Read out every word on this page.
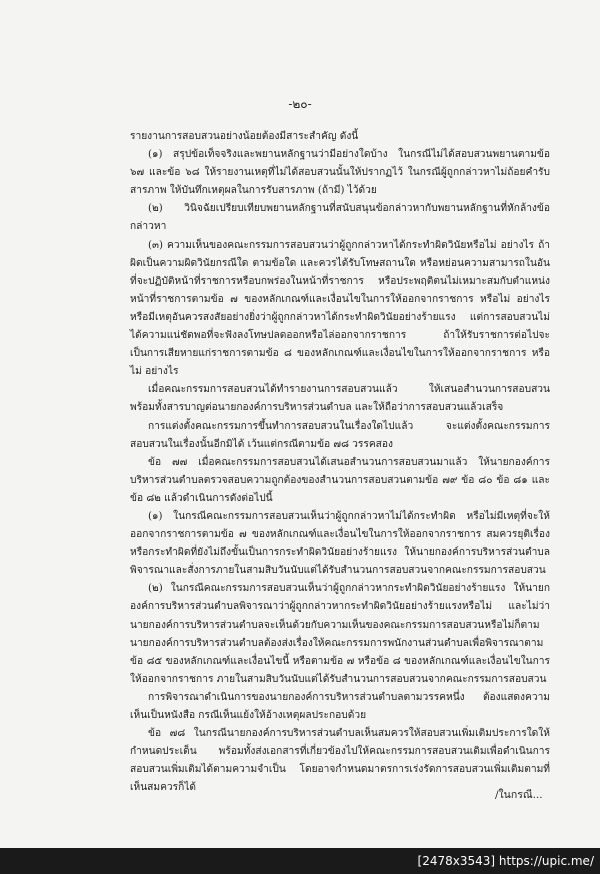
-๒๐-

รายงานการสอบสวนอย่างน้อยต้องมีสาระสำคัญ ดังนี้

(๑) สรุปข้อเท็จจริงและพยานหลักฐานว่ามีอย่างใดบ้าง ในกรณีไม่ได้สอบสวนพยานตามข้อ ๖๗ และข้อ ๖๘ ให้รายงานเหตุที่ไม่ได้สอบสวนนั้นให้ปรากฏไว้ ในกรณีผู้ถูกกล่าวหาไม่ถ้อยคำรับสารภาพ ให้บันทึกเหตุผลในการรับสารภาพ (ถ้ามี) ไว้ด้วย

(๒) วินิจฉัยเปรียบเทียบพยานหลักฐานที่สนับสนุนข้อกล่าวหากับพยานหลักฐานที่หักล้างข้อกล่าวหา

(๓) ความเห็นของคณะกรรมการสอบสวนว่าผู้ถูกกล่าวหาได้กระทำผิดวินัยหรือไม่ อย่างไร ถ้าผิดเป็นความผิดวินัยกรณีใด ตามข้อใด และควรได้รับโทษสถานใด หรือหย่อนความสามารถในอันที่จะปฏิบัติหน้าที่ราชการหรือบกพร่องในหน้าที่ราชการ หรือประพฤติตนไม่เหมาะสมกับตำแหน่งหน้าที่ราชการตามข้อ ๗ ของหลักเกณฑ์และเงื่อนไขในการให้ออกจากราชการ หรือไม่ อย่างไร หรือมีเหตุอันควรสงสัยอย่างยิ่งว่าผู้ถูกกล่าวหาได้กระทำผิดวินัยอย่างร้ายแรง แต่การสอบสวนไม่ได้ความแน่ชัดพอที่จะฟังลงโทษปลดออกหรือไล่ออกจากราชการ ถ้าให้รับราชการต่อไปจะเป็นการเสียหายแก่ราชการตามข้อ ๘ ของหลักเกณฑ์และเงื่อนไขในการให้ออกจากราชการ หรือไม่ อย่างไร

เมื่อคณะกรรมการสอบสวนได้ทำรายงานการสอบสวนแล้ว ให้เสนอสำนวนการสอบสวน พร้อมทั้งสารบาญต่อนายกองค์การบริหารส่วนตำบล และให้ถือว่าการสอบสวนแล้วเสร็จ

การแต่งตั้งคณะกรรมการขึ้นทำการสอบสวนในเรื่องใดไปแล้ว จะแต่งตั้งคณะกรรมการสอบสวนในเรื่องนั้นอีกมิได้ เว้นแต่กรณีตามข้อ ๗๘ วรรคสอง

ข้อ ๗๗ เมื่อคณะกรรมการสอบสวนได้เสนอสำนวนการสอบสวนมาแล้ว ให้นายกองค์การบริหารส่วนตำบลตรวจสอบความถูกต้องของสำนวนการสอบสวนตามข้อ ๗๙ ข้อ ๘๐ ข้อ ๘๑ และข้อ ๘๒ แล้วดำเนินการดังต่อไปนี้

(๑) ในกรณีคณะกรรมการสอบสวนเห็นว่าผู้ถูกกล่าวหาไม่ได้กระทำผิด หรือไม่มีเหตุที่จะให้ออกจากราชการตามข้อ ๗ ของหลักเกณฑ์และเงื่อนไขในการให้ออกจากราชการ สมควรยุติเรื่อง หรือกระทำผิดที่ยังไม่ถึงขั้นเป็นการกระทำผิดวินัยอย่างร้ายแรง ให้นายกองค์การบริหารส่วนตำบลพิจารณาและสั่งการภายในสามสิบวันนับแต่ได้รับสำนวนการสอบสวนจากคณะกรรมการสอบสวน

(๒) ในกรณีคณะกรรมการสอบสวนเห็นว่าผู้ถูกกล่าวหากระทำผิดวินัยอย่างร้ายแรง ให้นายกองค์การบริหารส่วนตำบลพิจารณาว่าผู้ถูกกล่าวหากระทำผิดวินัยอย่างร้ายแรงหรือไม่ และไม่ว่านายกองค์การบริหารส่วนตำบลจะเห็นด้วยกับความเห็นของคณะกรรมการสอบสวนหรือไม่ก็ตาม นายกองค์การบริหารส่วนตำบลต้องส่งเรื่องให้คณะกรรมการพนักงานส่วนตำบลเพื่อพิจารณาตามข้อ ๘๕ ของหลักเกณฑ์และเงื่อนไขนี้ หรือตามข้อ ๗ หรือข้อ ๘ ของหลักเกณฑ์และเงื่อนไขในการให้ออกจากราชการ ภายในสามสิบวันนับแต่ได้รับสำนวนการสอบสวนจากคณะกรรมการสอบสวน

การพิจารณาดำเนินการของนายกองค์การบริหารส่วนตำบลตามวรรคหนึ่ง ต้องแสดงความเห็นเป็นหนังสือ กรณีเห็นแย้งให้อ้างเหตุผลประกอบด้วย

ข้อ ๗๘ ในกรณีนายกองค์การบริหารส่วนตำบลเห็นสมควรให้สอบสวนเพิ่มเติมประการใดให้กำหนดประเด็น พร้อมทั้งส่งเอกสารที่เกี่ยวข้องไปให้คณะกรรมการสอบสวนเดิมเพื่อดำเนินการสอบสวนเพิ่มเติมได้ตามความจำเป็น โดยอาจกำหนดมาตรการเร่งรัดการสอบสวนเพิ่มเติมตามที่เห็นสมควรก็ได้

/ในกรณี...
[2478x3543] https://upic.me/
